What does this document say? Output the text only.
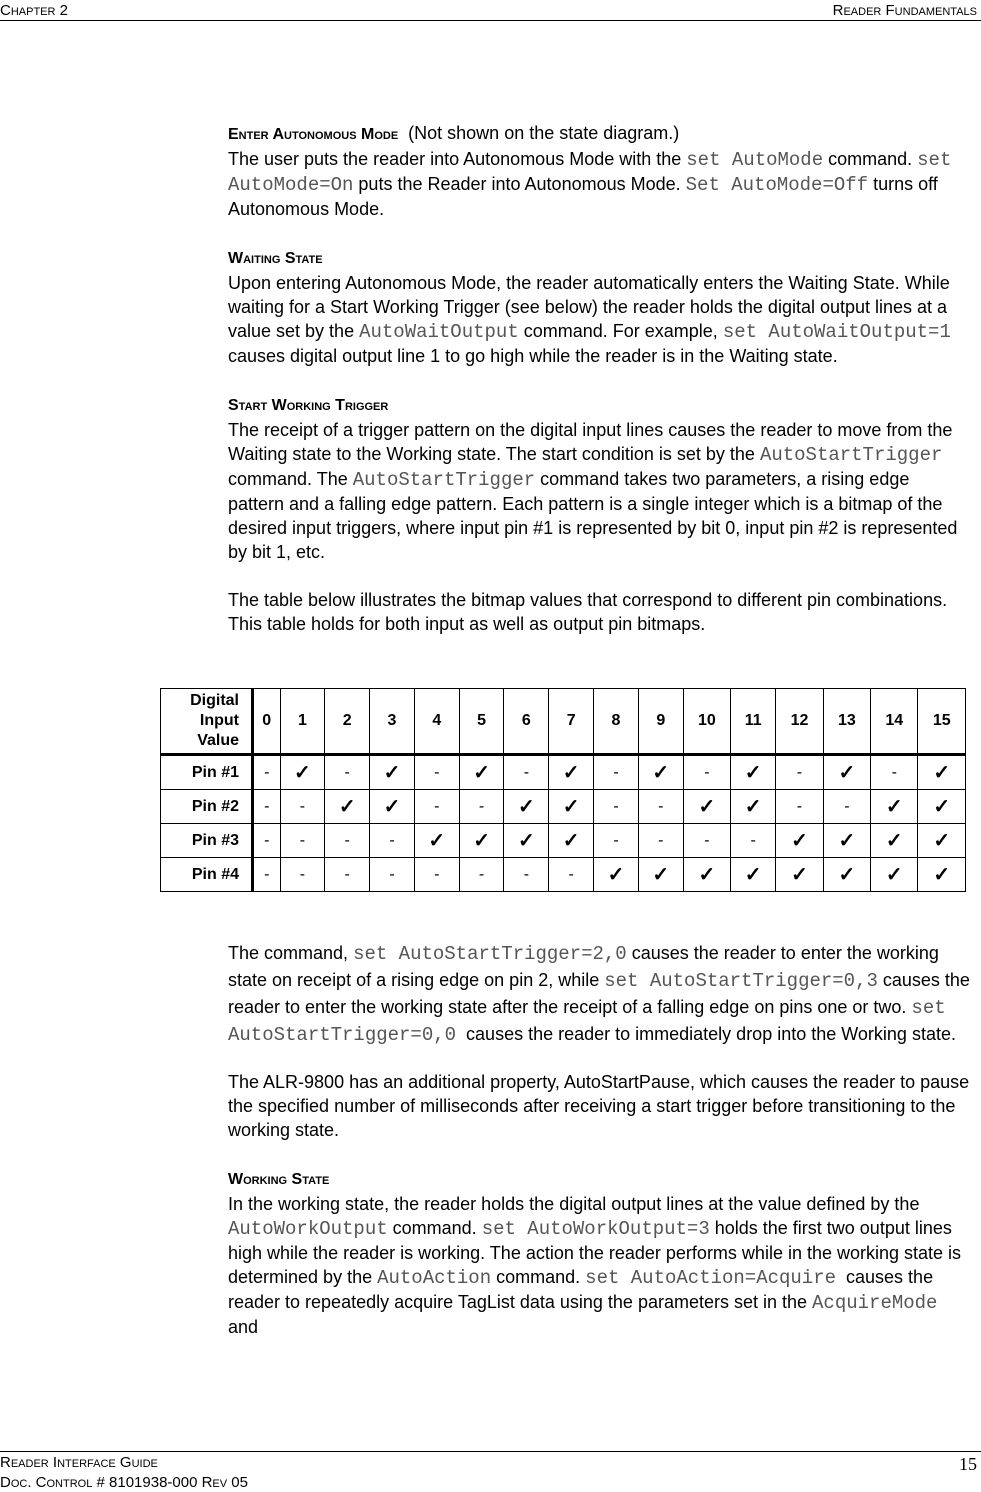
Chapter 2	Reader Fundamentals

Enter Autonomous Mode  (Not shown on the state diagram.)
The user puts the reader into Autonomous Mode with the set AutoMode command. set AutoMode=On puts the Reader into Autonomous Mode. Set AutoMode=Off turns off Autonomous Mode.

Waiting State
Upon entering Autonomous Mode, the reader automatically enters the Waiting State. While waiting for a Start Working Trigger (see below) the reader holds the digital output lines at a value set by the AutoWaitOutput command. For example, set AutoWaitOutput=1 causes digital output line 1 to go high while the reader is in the Waiting state.

Start Working Trigger
The receipt of a trigger pattern on the digital input lines causes the reader to move from the Waiting state to the Working state. The start condition is set by the AutoStartTrigger command. The AutoStartTrigger command takes two parameters, a rising edge pattern and a falling edge pattern. Each pattern is a single integer which is a bitmap of the desired input triggers, where input pin #1 is represented by bit 0, input pin #2 is represented by bit 1, etc.

The table below illustrates the bitmap values that correspond to different pin combinations. This table holds for both input as well as output pin bitmaps.

Digital Input Value	0	1	2	3	4	5	6	7	8	9	10	11	12	13	14	15
Pin #1	-	✓	-	✓	-	✓	-	✓	-	✓	-	✓	-	✓	-	✓
Pin #2	-	-	✓	✓	-	-	✓	✓	-	-	✓	✓	-	-	✓	✓
Pin #3	-	-	-	-	✓	✓	✓	✓	-	-	-	-	✓	✓	✓	✓
Pin #4	-	-	-	-	-	-	-	-	✓	✓	✓	✓	✓	✓	✓	✓

The command, set AutoStartTrigger=2,0 causes the reader to enter the working state on receipt of a rising edge on pin 2, while set AutoStartTrigger=0,3 causes the reader to enter the working state after the receipt of a falling edge on pins one or two. set AutoStartTrigger=0,0  causes the reader to immediately drop into the Working state.

The ALR-9800 has an additional property, AutoStartPause, which causes the reader to pause the specified number of milliseconds after receiving a start trigger before transitioning to the working state.

Working State
In the working state, the reader holds the digital output lines at the value defined by the AutoWorkOutput command. set AutoWorkOutput=3 holds the first two output lines high while the reader is working. The action the reader performs while in the working state is determined by the AutoAction command. set AutoAction=Acquire  causes the reader to repeatedly acquire TagList data using the parameters set in the AcquireMode and

Reader Interface Guide
Doc. Control # 8101938-000 Rev 05
15
